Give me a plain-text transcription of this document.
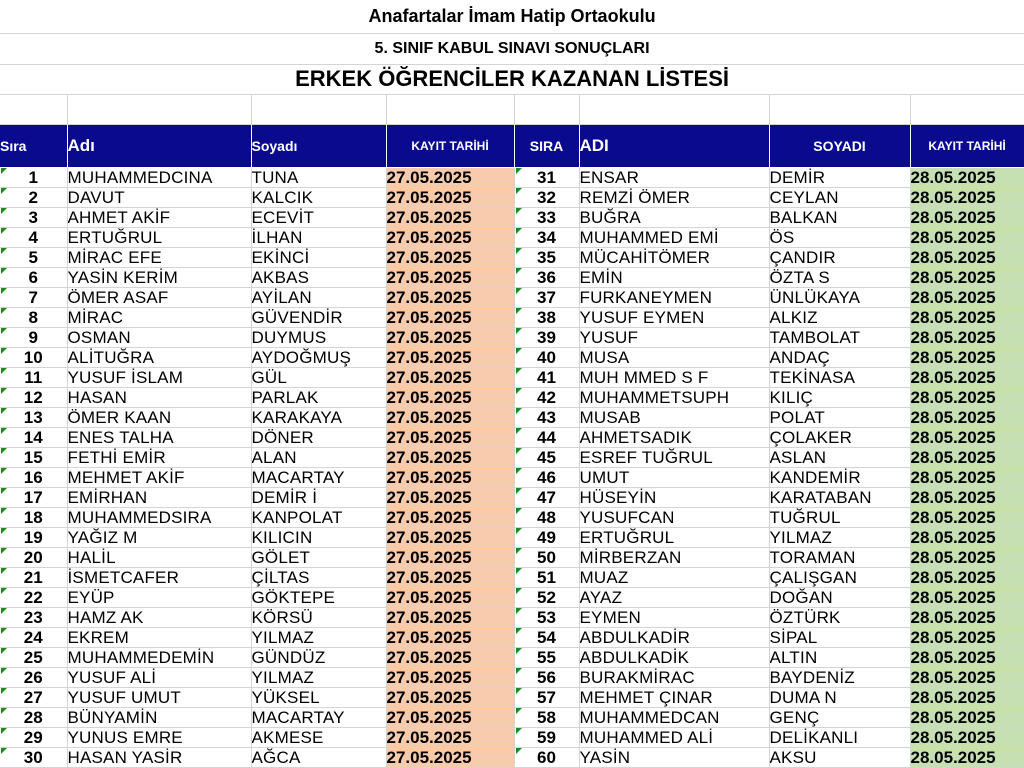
Anafartalar İmam Hatip Ortaokulu							
5. SINIF KABUL SINAVI SONUÇLARI							
ERKEK ÖĞRENCİLER KAZANAN LİSTESİ							

Sıra	Adı	Soyadı	KAYIT TARİHİ	SIRA	ADI	SOYADI	KAYIT TARİHİ
1	MUHAMMEDCINA	TUNA	27.05.2025	31	ENSAR	DEMİR	28.05.2025
2	DAVUT	KALCIK	27.05.2025	32	REMZİ ÖMER	CEYLAN	28.05.2025
3	AHMET AKİF	ECEVİT	27.05.2025	33	BUĞRA	BALKAN	28.05.2025
4	ERTUĞRUL	İLHAN	27.05.2025	34	MUHAMMED EMİ	ÖS	28.05.2025
5	MİRAC EFE	EKİNCİ	27.05.2025	35	MÜCAHİTÖMER	ÇANDIR	28.05.2025
6	YASİN KERİM	AKBAS	27.05.2025	36	EMİN	ÖZTA S	28.05.2025
7	ÖMER ASAF	AYİLAN	27.05.2025	37	FURKANEYMEN	ÜNLÜKAYA	28.05.2025
8	MİRAC	GÜVENDİR	27.05.2025	38	YUSUF EYMEN	ALKIZ	28.05.2025
9	OSMAN	DUYMUS	27.05.2025	39	YUSUF	TAMBOLAT	28.05.2025
10	ALİTUĞRA	AYDOĞMUŞ	27.05.2025	40	MUSA	ANDAÇ	28.05.2025
11	YUSUF İSLAM	GÜL	27.05.2025	41	MUH MMED S F	TEKİNASA	28.05.2025
12	HASAN	PARLAK	27.05.2025	42	MUHAMMETSUPH	KILIÇ	28.05.2025
13	ÖMER KAAN	KARAKAYA	27.05.2025	43	MUSAB	POLAT	28.05.2025
14	ENES TALHA	DÖNER	27.05.2025	44	AHMETSADIK	ÇOLAKER	28.05.2025
15	FETHİ EMİR	ALAN	27.05.2025	45	ESREF TUĞRUL	ASLAN	28.05.2025
16	MEHMET AKİF	MACARTAY	27.05.2025	46	UMUT	KANDEMİR	28.05.2025
17	EMİRHAN	DEMİR İ	27.05.2025	47	HÜSEYİN	KARATABAN	28.05.2025
18	MUHAMMEDSIRA	KANPOLAT	27.05.2025	48	YUSUFCAN	TUĞRUL	28.05.2025
19	YAĞIZ M	KILICIN	27.05.2025	49	ERTUĞRUL	YILMAZ	28.05.2025
20	HALİL	GÖLET	27.05.2025	50	MİRBERZAN	TORAMAN	28.05.2025
21	İSMETCAFER	ÇİLTAS	27.05.2025	51	MUAZ	ÇALIŞGAN	28.05.2025
22	EYÜP	GÖKTEPE	27.05.2025	52	AYAZ	DOĞAN	28.05.2025
23	HAMZ AK	KÖRSÜ	27.05.2025	53	EYMEN	ÖZTÜRK	28.05.2025
24	EKREM	YILMAZ	27.05.2025	54	ABDULKADİR	SİPAL	28.05.2025
25	MUHAMMEDEMİN	GÜNDÜZ	27.05.2025	55	ABDULKADİK	ALTIN	28.05.2025
26	YUSUF ALİ	YILMAZ	27.05.2025	56	BURAKMİRAC	BAYDENİZ	28.05.2025
27	YUSUF UMUT	YÜKSEL	27.05.2025	57	MEHMET ÇINAR	DUMA N	28.05.2025
28	BÜNYAMİN	MACARTAY	27.05.2025	58	MUHAMMEDCAN	GENÇ	28.05.2025
29	YUNUS EMRE	AKMESE	27.05.2025	59	MUHAMMED ALİ	DELİKANLI	28.05.2025
30	HASAN YASİR	AĞCA	27.05.2025	60	YASİN	AKSU	28.05.2025
